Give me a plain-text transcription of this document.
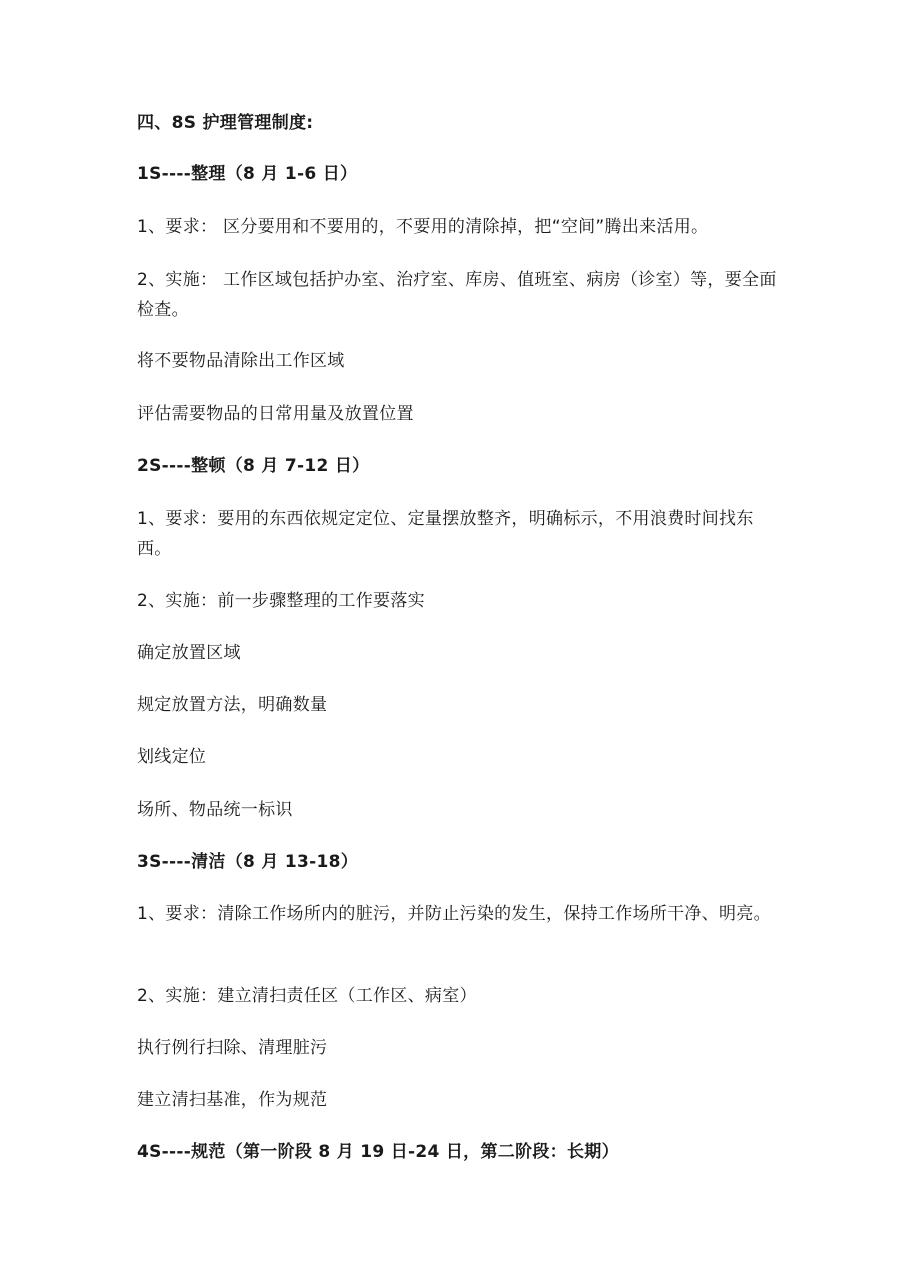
四、8S 护理管理制度:
1S----整理（8 月 1-6 日）
1、要求： 区分要用和不要用的，不要用的清除掉，把“空间”腾出来活用。
2、实施： 工作区域包括护办室、治疗室、库房、值班室、病房（诊室）等，要全面检查。
将不要物品清除出工作区域
评估需要物品的日常用量及放置位置
2S----整顿（8 月 7-12 日）
1、要求：要用的东西依规定定位、定量摆放整齐，明确标示，不用浪费时间找东西。
2、实施：前一步骤整理的工作要落实
确定放置区域
规定放置方法，明确数量
划线定位
场所、物品统一标识
3S----清洁（8 月 13-18）
1、要求：清除工作场所内的脏污，并防止污染的发生，保持工作场所干净、明亮。
2、实施：建立清扫责任区（工作区、病室）
执行例行扫除、清理脏污
建立清扫基准，作为规范
4S----规范（第一阶段 8 月 19 日-24 日，第二阶段：长期）
